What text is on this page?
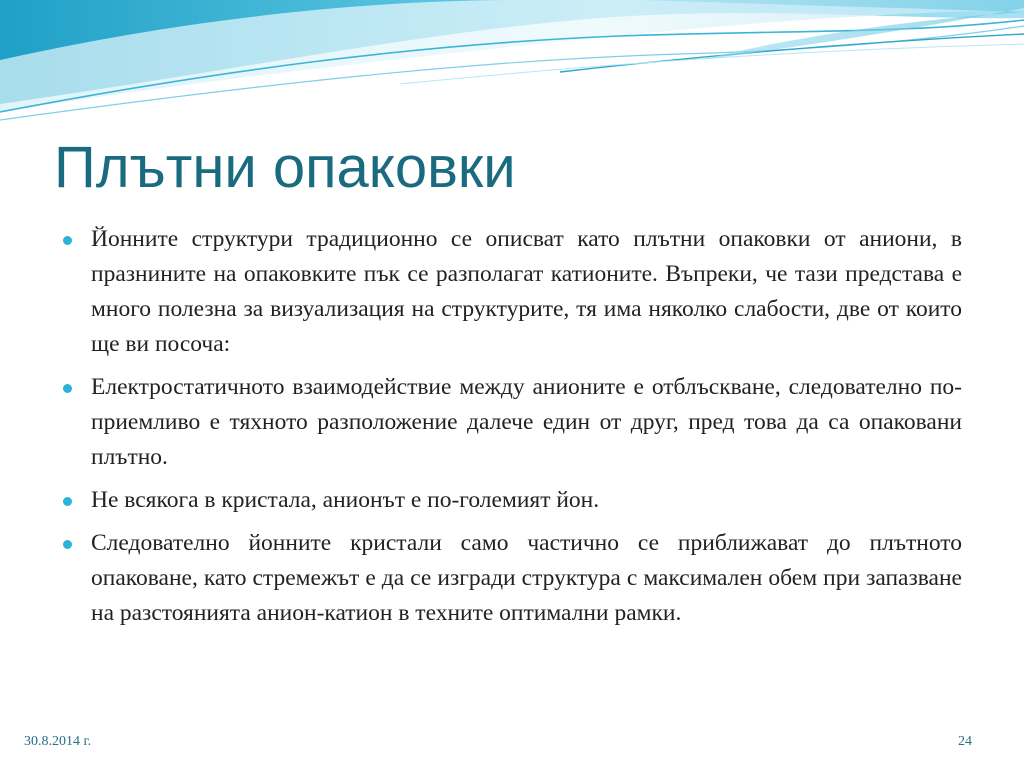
Плътни опаковки
Йонните структури традиционно се описват като плътни опаковки от аниони, в празнините на опаковките пък се разполагат катионите. Въпреки, че тази представа е много полезна за визуализация на структурите, тя има няколко слабости, две от които ще ви посоча:
Електростатичното взаимодействие между анионите е отблъскване, следователно по-приемливо е тяхното разположение далече един от друг, пред това да са опаковани плътно.
Не всякога в кристала, анионът е по-големият йон.
Следователно йонните кристали само частично се приближават до плътното опаковане, като стремежът е да се изгради структура с максимален обем при запазване на разстоянията анион-катион в техните оптимални рамки.
30.8.2014 г.	24
